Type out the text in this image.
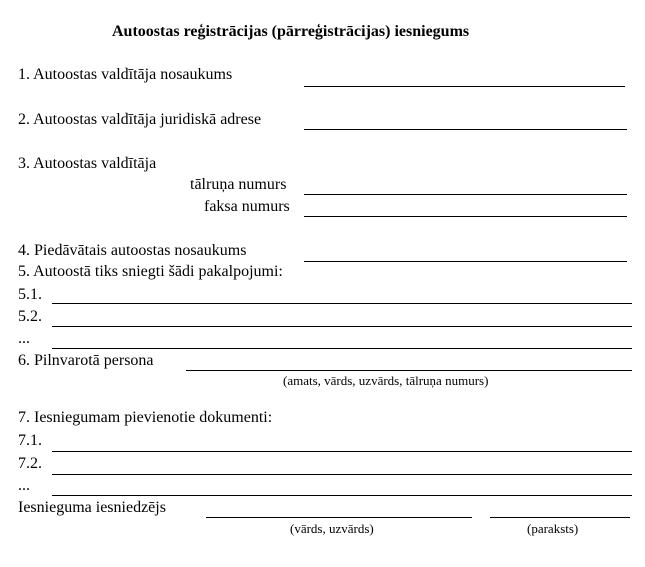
Autoostas reģistrācijas (pārreģistrācijas) iesniegums
1. Autoostas valdītāja nosaukums
2. Autoostas valdītāja juridiskā adrese
3. Autoostas valdītāja
tālruņa numurs
faksa numurs
4. Piedāvātais autoostas nosaukums
5. Autoostā tiks sniegti šādi pakalpojumi:
5.1.
5.2.
...
6. Pilnvarotā persona
(amats, vārds, uzvārds, tālruņa numurs)
7. Iesniegumam pievienotie dokumenti:
7.1.
7.2.
...
Iesnieguma iesniedzējs
(vārds, uzvārds)	(paraksts)
